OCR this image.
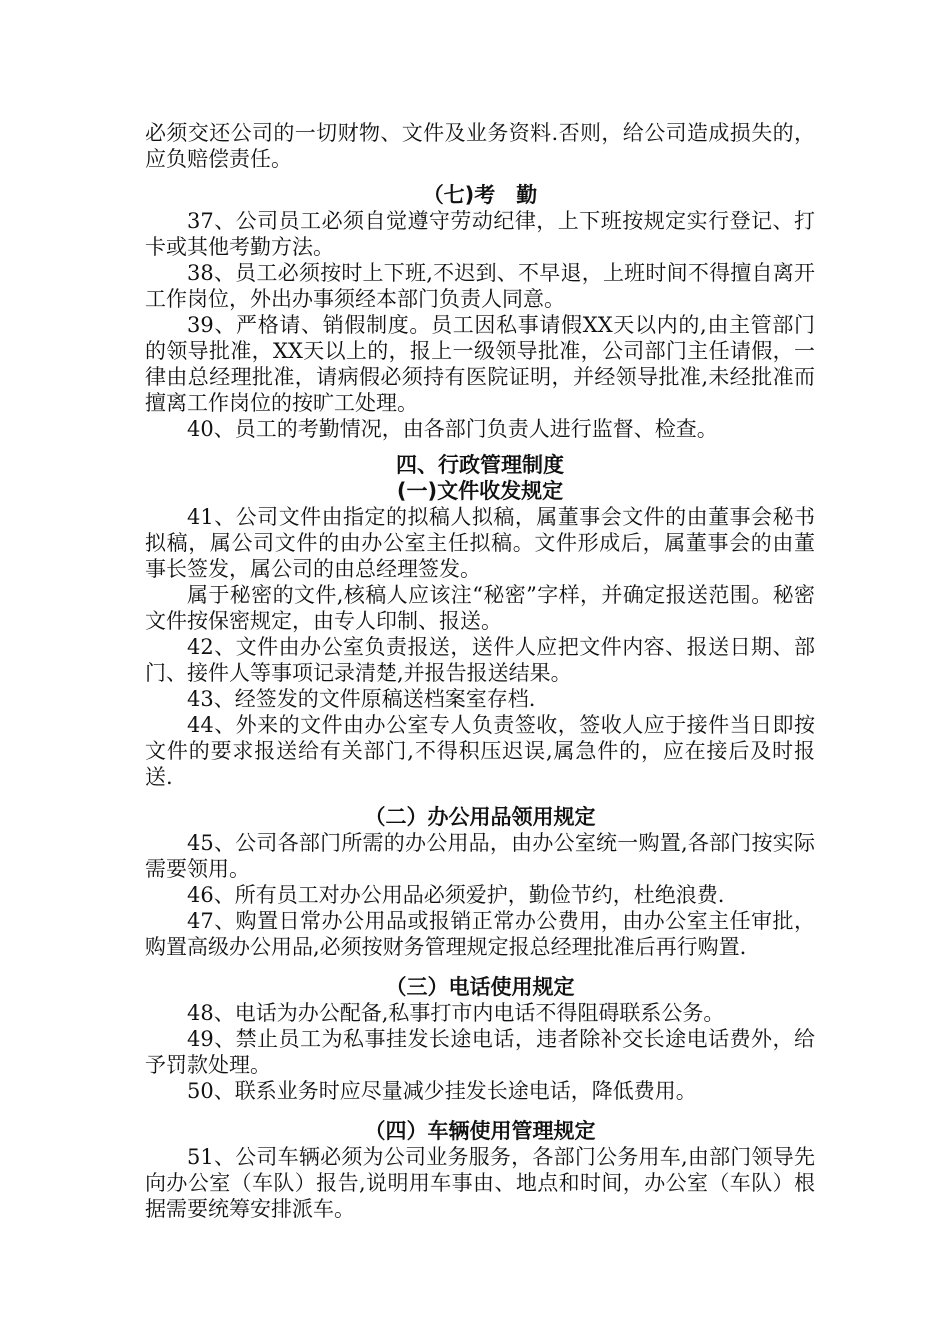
必须交还公司的一切财物、文件及业务资料.否则，给公司造成损失的，应负赔偿责任。

（七)考　勤

37、公司员工必须自觉遵守劳动纪律，上下班按规定实行登记、打卡或其他考勤方法。

38、员工必须按时上下班,不迟到、不早退，上班时间不得擅自离开工作岗位，外出办事须经本部门负责人同意。

39、严格请、销假制度。员工因私事请假XX天以内的,由主管部门的领导批准，XX天以上的，报上一级领导批准，公司部门主任请假，一律由总经理批准，请病假必须持有医院证明，并经领导批准,未经批准而擅离工作岗位的按旷工处理。

40、员工的考勤情况，由各部门负责人进行监督、检查。

四、行政管理制度

(一)文件收发规定

41、公司文件由指定的拟稿人拟稿，属董事会文件的由董事会秘书拟稿，属公司文件的由办公室主任拟稿。文件形成后，属董事会的由董事长签发，属公司的由总经理签发。

属于秘密的文件,核稿人应该注“秘密”字样，并确定报送范围。秘密文件按保密规定，由专人印制、报送。

42、文件由办公室负责报送，送件人应把文件内容、报送日期、部门、接件人等事项记录清楚,并报告报送结果。

43、经签发的文件原稿送档案室存档.

44、外来的文件由办公室专人负责签收，签收人应于接件当日即按文件的要求报送给有关部门,不得积压迟误,属急件的，应在接后及时报送.

（二）办公用品领用规定

45、公司各部门所需的办公用品，由办公室统一购置,各部门按实际需要领用。

46、所有员工对办公用品必须爱护，勤俭节约，杜绝浪费.

47、购置日常办公用品或报销正常办公费用，由办公室主任审批，购置高级办公用品,必须按财务管理规定报总经理批准后再行购置.

（三）电话使用规定

48、电话为办公配备,私事打市内电话不得阻碍联系公务。

49、禁止员工为私事挂发长途电话，违者除补交长途电话费外，给予罚款处理。

50、联系业务时应尽量减少挂发长途电话，降低费用。

（四）车辆使用管理规定

51、公司车辆必须为公司业务服务，各部门公务用车,由部门领导先向办公室（车队）报告,说明用车事由、地点和时间，办公室（车队）根据需要统筹安排派车。
